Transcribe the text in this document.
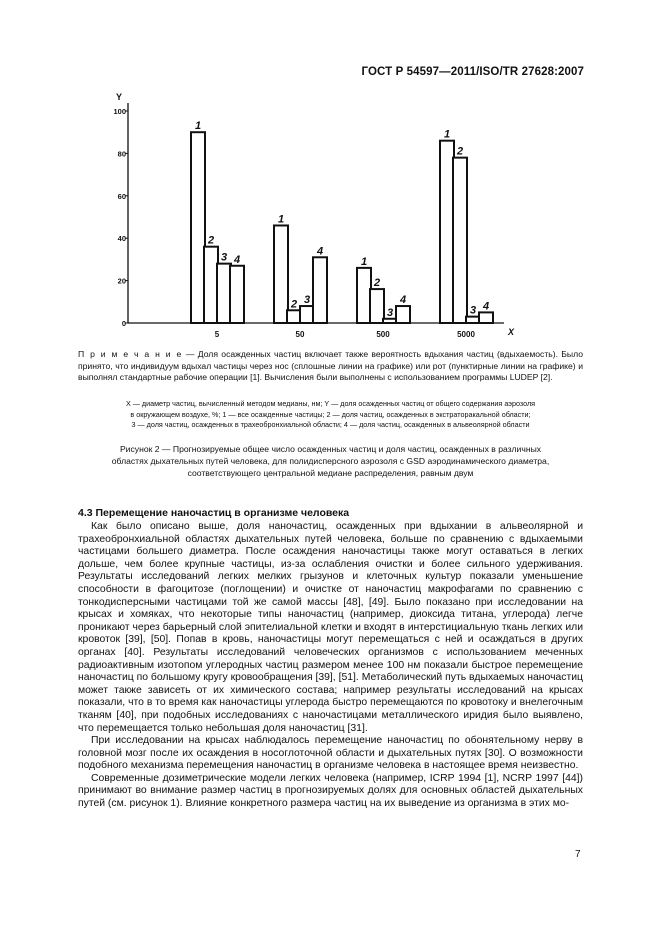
ГОСТ Р 54597—2011/ISO/TR 27628:2007
Y
X
0
20
40
60
80
100
5
1
2
3 4
50
1
2 3
4
500
1
2
3
4
5000
1
2
3 4
П р и м е ч а н и е — Доля осажденных частиц включает также вероятность вдыхания частиц (вдыхаемость). Было принято, что индивидуум вдыхал частицы через нос (сплошные линии на графике) или рот (пунктирные линии на графике) и выполнял стандартные рабочие операции [1]. Вычисления были выполнены с использованием программы LUDEP [2].
X — диаметр частиц, вычисленный методом медианы, нм; Y — доля осажденных частиц от общего содержания аэрозоля
в окружающем воздухе, %; 1 — все осажденные частицы; 2 — доля частиц, осажденных в экстраторакальной области;
3 — доля частиц, осажденных в трахеобронхиальной области; 4 — доля частиц, осажденных в альвеолярной области
Рисунок 2 — Прогнозируемые общее число осажденных частиц и доля частиц, осажденных в различных
областях дыхательных путей человека, для полидисперсного аэрозоля с GSD аэродинамического диаметра,
соответствующего центральной медиане распределения, равным двум
4.3 Перемещение наночастиц в организме человека

Как было описано выше, доля наночастиц, осажденных при вдыхании в альвеолярной и трахеобронхиальной областях дыхательных путей человека, больше по сравнению с вдыхаемыми частицами большего диаметра. После осаждения наночастицы также могут оставаться в легких дольше, чем более крупные частицы, из-за ослабления очистки и более сильного удерживания. Результаты исследований легких мелких грызунов и клеточных культур показали уменьшение способности в фагоцитозе (поглощении) и очистке от наночастиц макрофагами по сравнению с тонкодисперсными частицами той же самой массы [48], [49]. Было показано при исследовании на крысах и хомяках, что некоторые типы наночастиц (например, диоксида титана, углерода) легче проникают через барьерный слой эпителиальной клетки и входят в интерстициальную ткань легких или кровоток [39], [50]. Попав в кровь, наночастицы могут перемещаться с ней и осаждаться в других органах [40]. Результаты исследований человеческих организмов с использованием меченных радиоактивным изотопом углеродных частиц размером менее 100 нм показали быстрое перемещение наночастиц по большому кругу кровообращения [39], [51]. Метаболический путь вдыхаемых наночастиц может также зависеть от их химического состава; например результаты исследований на крысах показали, что в то время как наночастицы углерода быстро перемещаются по кровотоку и внелегочным тканям [40], при подобных исследованиях с наночастицами металлического иридия было выявлено, что перемещается только небольшая доля наночастиц [31].

При исследовании на крысах наблюдалось перемещение наночастиц по обонятельному нерву в головной мозг после их осаждения в носоглоточной области и дыхательных путях [30]. О возможности подобного механизма перемещения наночастиц в организме человека в настоящее время неизвестно.

Современные дозиметрические модели легких человека (например, ICRP 1994 [1], NCRP 1997 [44]) принимают во внимание размер частиц в прогнозируемых долях для основных областей дыхательных путей (см. рисунок 1). Влияние конкретного размера частиц на их выведение из организма в этих мо-

7
